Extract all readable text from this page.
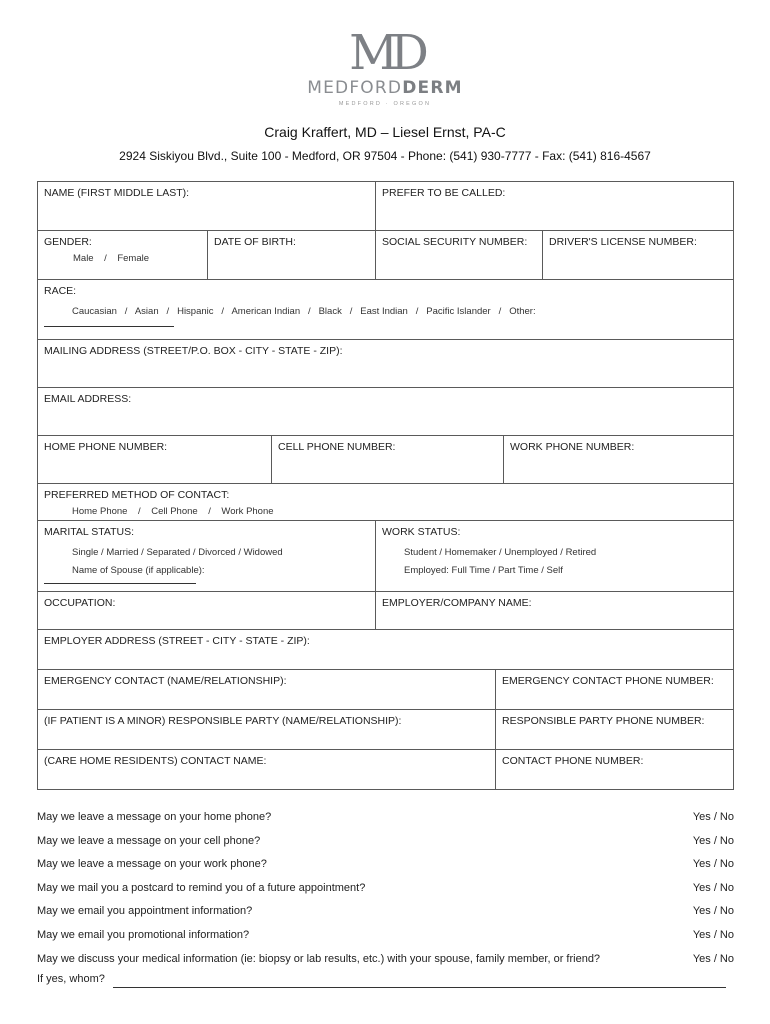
MD
MEDFORDDERM
MEDFORD · OREGON
Craig Kraffert, MD – Liesel Ernst, PA-C
2924 Siskiyou Blvd., Suite 100 - Medford, OR 97504 - Phone: (541) 930-7777 - Fax: (541) 816-4567
NAME (FIRST MIDDLE LAST):	PREFER TO BE CALLED:
GENDER:
Male    /    Female
DATE OF BIRTH:	SOCIAL SECURITY NUMBER:	DRIVER'S LICENSE NUMBER:
RACE:
Caucasian   /   Asian   /   Hispanic   /   American Indian   /   Black   /   East Indian   /   Pacific Islander   /   Other:
MAILING ADDRESS (STREET/P.O. BOX - CITY - STATE - ZIP):
EMAIL ADDRESS:
HOME PHONE NUMBER:	CELL PHONE NUMBER:	WORK PHONE NUMBER:
PREFERRED METHOD OF CONTACT:
Home Phone    /    Cell Phone    /    Work Phone
MARITAL STATUS:
Single / Married / Separated / Divorced / Widowed
Name of Spouse (if applicable):
WORK STATUS:
Student / Homemaker / Unemployed / Retired
Employed: Full Time / Part Time / Self
OCCUPATION:	EMPLOYER/COMPANY NAME:
EMPLOYER ADDRESS (STREET - CITY - STATE - ZIP):
EMERGENCY CONTACT (NAME/RELATIONSHIP):	EMERGENCY CONTACT PHONE NUMBER:
(IF PATIENT IS A MINOR) RESPONSIBLE PARTY (NAME/RELATIONSHIP):	RESPONSIBLE PARTY PHONE NUMBER:
(CARE HOME RESIDENTS) CONTACT NAME:	CONTACT PHONE NUMBER:
May we leave a message on your home phone?	Yes / No
May we leave a message on your cell phone?	Yes / No
May we leave a message on your work phone?	Yes / No
May we mail you a postcard to remind you of a future appointment?	Yes / No
May we email you appointment information?	Yes / No
May we email you promotional information?	Yes / No
May we discuss your medical information (ie: biopsy or lab results, etc.) with your spouse, family member, or friend?	Yes / No
If yes, whom?
